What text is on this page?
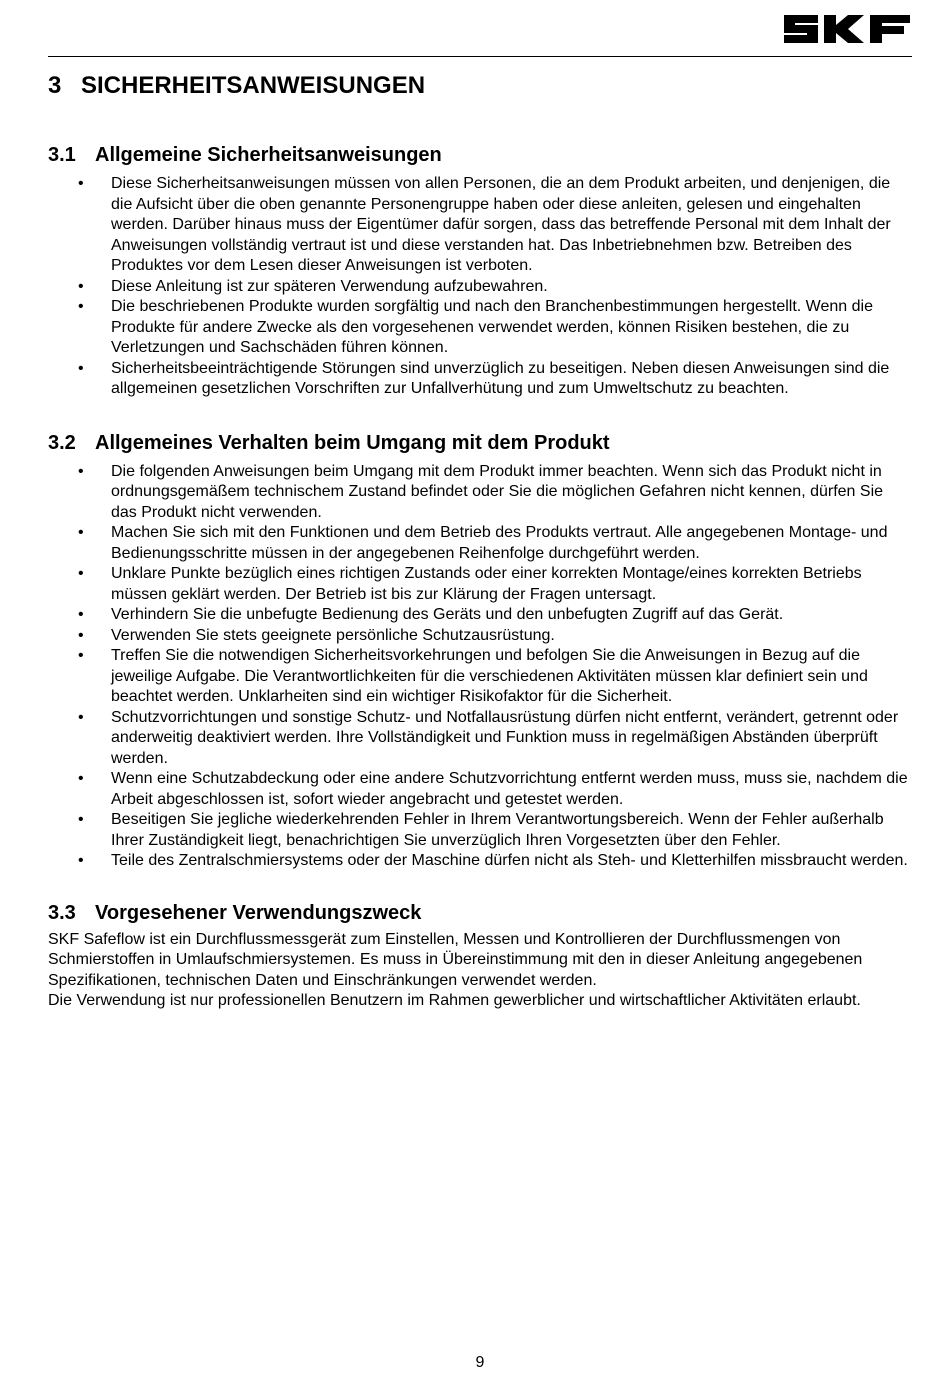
3 SICHERHEITSANWEISUNGEN
3.1 Allgemeine Sicherheitsanweisungen
• Diese Sicherheitsanweisungen müssen von allen Personen, die an dem Produkt arbeiten, und denjenigen, die die Aufsicht über die oben genannte Personengruppe haben oder diese anleiten, gelesen und eingehalten werden. Darüber hinaus muss der Eigentümer dafür sorgen, dass das betreffende Personal mit dem Inhalt der Anweisungen vollständig vertraut ist und diese verstanden hat. Das Inbetriebnehmen bzw. Betreiben des Produktes vor dem Lesen dieser Anweisungen ist verboten.
• Diese Anleitung ist zur späteren Verwendung aufzubewahren.
• Die beschriebenen Produkte wurden sorgfältig und nach den Branchenbestimmungen hergestellt. Wenn die Produkte für andere Zwecke als den vorgesehenen verwendet werden, können Risiken bestehen, die zu Verletzungen und Sachschäden führen können.
• Sicherheitsbeeinträchtigende Störungen sind unverzüglich zu beseitigen. Neben diesen Anweisungen sind die allgemeinen gesetzlichen Vorschriften zur Unfallverhütung und zum Umweltschutz zu beachten.
3.2 Allgemeines Verhalten beim Umgang mit dem Produkt
• Die folgenden Anweisungen beim Umgang mit dem Produkt immer beachten. Wenn sich das Produkt nicht in ordnungsgemäßem technischem Zustand befindet oder Sie die möglichen Gefahren nicht kennen, dürfen Sie das Produkt nicht verwenden.
• Machen Sie sich mit den Funktionen und dem Betrieb des Produkts vertraut. Alle angegebenen Montage- und Bedienungsschritte müssen in der angegebenen Reihenfolge durchgeführt werden.
• Unklare Punkte bezüglich eines richtigen Zustands oder einer korrekten Montage/eines korrekten Betriebs müssen geklärt werden. Der Betrieb ist bis zur Klärung der Fragen untersagt.
• Verhindern Sie die unbefugte Bedienung des Geräts und den unbefugten Zugriff auf das Gerät.
• Verwenden Sie stets geeignete persönliche Schutzausrüstung.
• Treffen Sie die notwendigen Sicherheitsvorkehrungen und befolgen Sie die Anweisungen in Bezug auf die jeweilige Aufgabe. Die Verantwortlichkeiten für die verschiedenen Aktivitäten müssen klar definiert sein und beachtet werden. Unklarheiten sind ein wichtiger Risikofaktor für die Sicherheit.
• Schutzvorrichtungen und sonstige Schutz- und Notfallausrüstung dürfen nicht entfernt, verändert, getrennt oder anderweitig deaktiviert werden. Ihre Vollständigkeit und Funktion muss in regelmäßigen Abständen überprüft werden.
• Wenn eine Schutzabdeckung oder eine andere Schutzvorrichtung entfernt werden muss, muss sie, nachdem die Arbeit abgeschlossen ist, sofort wieder angebracht und getestet werden.
• Beseitigen Sie jegliche wiederkehrenden Fehler in Ihrem Verantwortungsbereich. Wenn der Fehler außerhalb Ihrer Zuständigkeit liegt, benachrichtigen Sie unverzüglich Ihren Vorgesetzten über den Fehler.
• Teile des Zentralschmiersystems oder der Maschine dürfen nicht als Steh- und Kletterhilfen missbraucht werden.
3.3 Vorgesehener Verwendungszweck

SKF Safeflow ist ein Durchflussmessgerät zum Einstellen, Messen und Kontrollieren der Durchflussmengen von Schmierstoffen in Umlaufschmiersystemen. Es muss in Übereinstimmung mit den in dieser Anleitung angegebenen Spezifikationen, technischen Daten und Einschränkungen verwendet werden.

Die Verwendung ist nur professionellen Benutzern im Rahmen gewerblicher und wirtschaftlicher Aktivitäten erlaubt.

9
